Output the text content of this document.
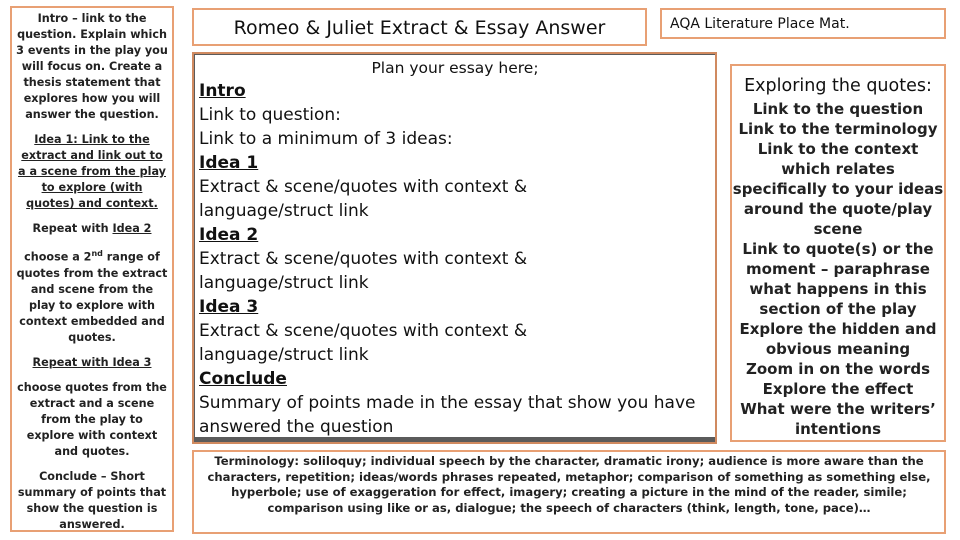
Intro – link to the question. Explain which 3 events in the play you will focus on. Create a thesis statement that explores how you will answer the question.

Idea 1: Link to the extract and link out to a a scene from the play to explore (with quotes) and context.

Repeat with Idea 2

choose a 2nd range of quotes from the extract and scene from the play to explore with context embedded and quotes.

Repeat with Idea 3

choose quotes from the extract and a scene from the play to explore with context and quotes.

Conclude – Short summary of points that show the question is answered.

Romeo & Juliet Extract & Essay Answer	AQA Literature Place Mat.
Plan your essay here;
Intro
Link to question:
Link to a minimum of 3 ideas:
Idea 1
Extract & scene/quotes with context &
language/struct link
Idea 2
Extract & scene/quotes with context &
language/struct link
Idea 3
Extract & scene/quotes with context &
language/struct link
Conclude
Summary of points made in the essay that show you have
answered the question
Exploring the quotes:
Link to the question
Link to the terminology
Link to the context which relates specifically to your ideas around the quote/play scene
Link to quote(s) or the moment – paraphrase what happens in this section of the play
Explore the hidden and obvious meaning
Zoom in on the words
Explore the effect
What were the writers’ intentions
Terminology: soliloquy; individual speech by the character, dramatic irony; audience is more aware than the characters, repetition; ideas/words phrases repeated, metaphor; comparison of something as something else, hyperbole; use of exaggeration for effect, imagery; creating a picture in the mind of the reader, simile; comparison using like or as, dialogue; the speech of characters (think, length, tone, pace)…
